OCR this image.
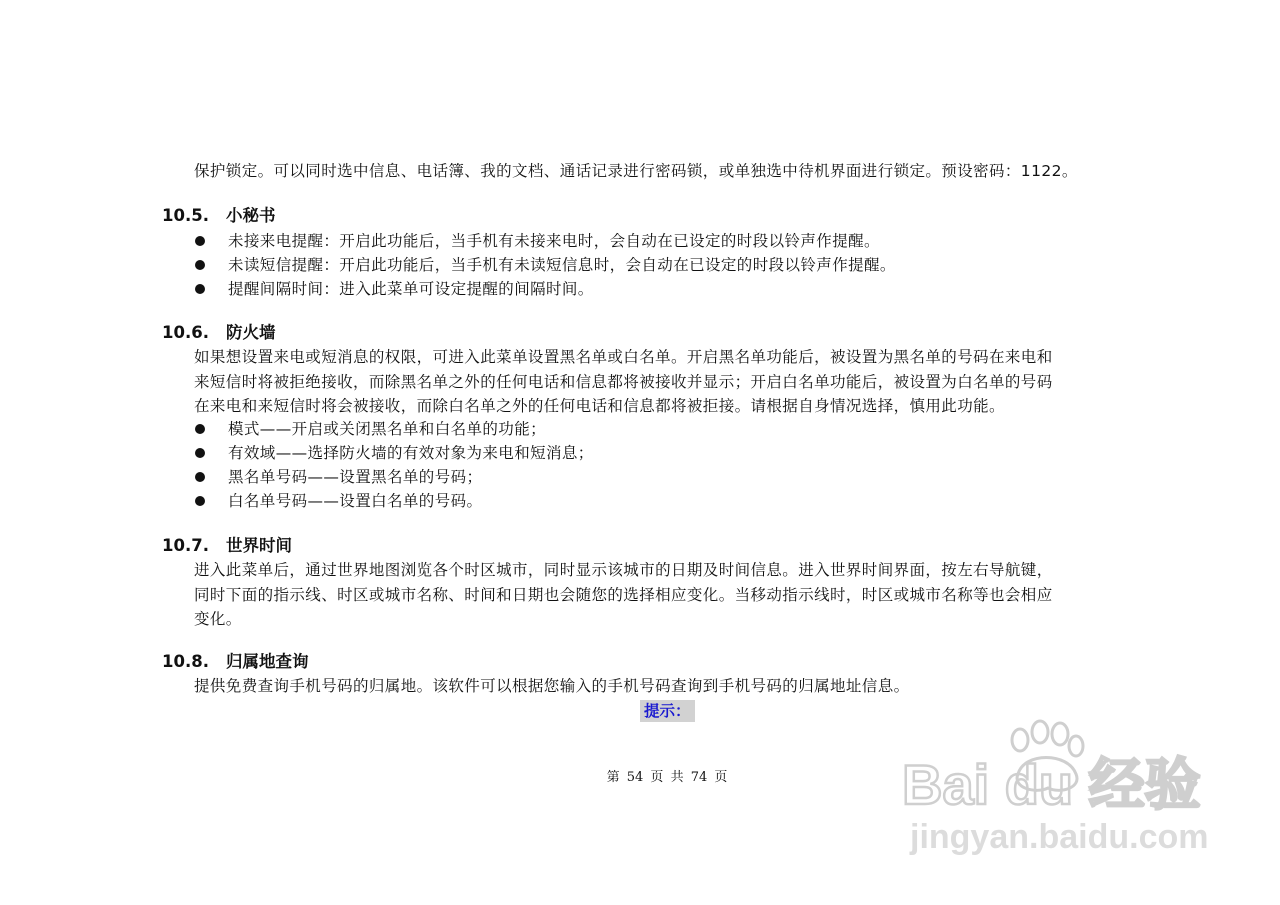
保护锁定。可以同时选中信息、电话簿、我的文档、通话记录进行密码锁，或单独选中待机界面进行锁定。预设密码：1122。
10.5. 小秘书
未接来电提醒：开启此功能后，当手机有未接来电时，会自动在已设定的时段以铃声作提醒。
未读短信提醒：开启此功能后，当手机有未读短信息时，会自动在已设定的时段以铃声作提醒。
提醒间隔时间：进入此菜单可设定提醒的间隔时间。
10.6. 防火墙
如果想设置来电或短消息的权限，可进入此菜单设置黑名单或白名单。开启黑名单功能后，被设置为黑名单的号码在来电和
来短信时将被拒绝接收，而除黑名单之外的任何电话和信息都将被接收并显示；开启白名单功能后，被设置为白名单的号码
在来电和来短信时将会被接收，而除白名单之外的任何电话和信息都将被拒接。请根据自身情况选择，慎用此功能。
模式——开启或关闭黑名单和白名单的功能；
有效域——选择防火墙的有效对象为来电和短消息；
黑名单号码——设置黑名单的号码；
白名单号码——设置白名单的号码。
10.7. 世界时间
进入此菜单后，通过世界地图浏览各个时区城市，同时显示该城市的日期及时间信息。进入世界时间界面，按左右导航键，
同时下面的指示线、时区或城市名称、时间和日期也会随您的选择相应变化。当移动指示线时，时区或城市名称等也会相应
变化。
10.8. 归属地查询
提供免费查询手机号码的归属地。该软件可以根据您输入的手机号码查询到手机号码的归属地址信息。
提示：
第 54 页 共 74 页	Bai du 经验
jingyan.baidu.com
